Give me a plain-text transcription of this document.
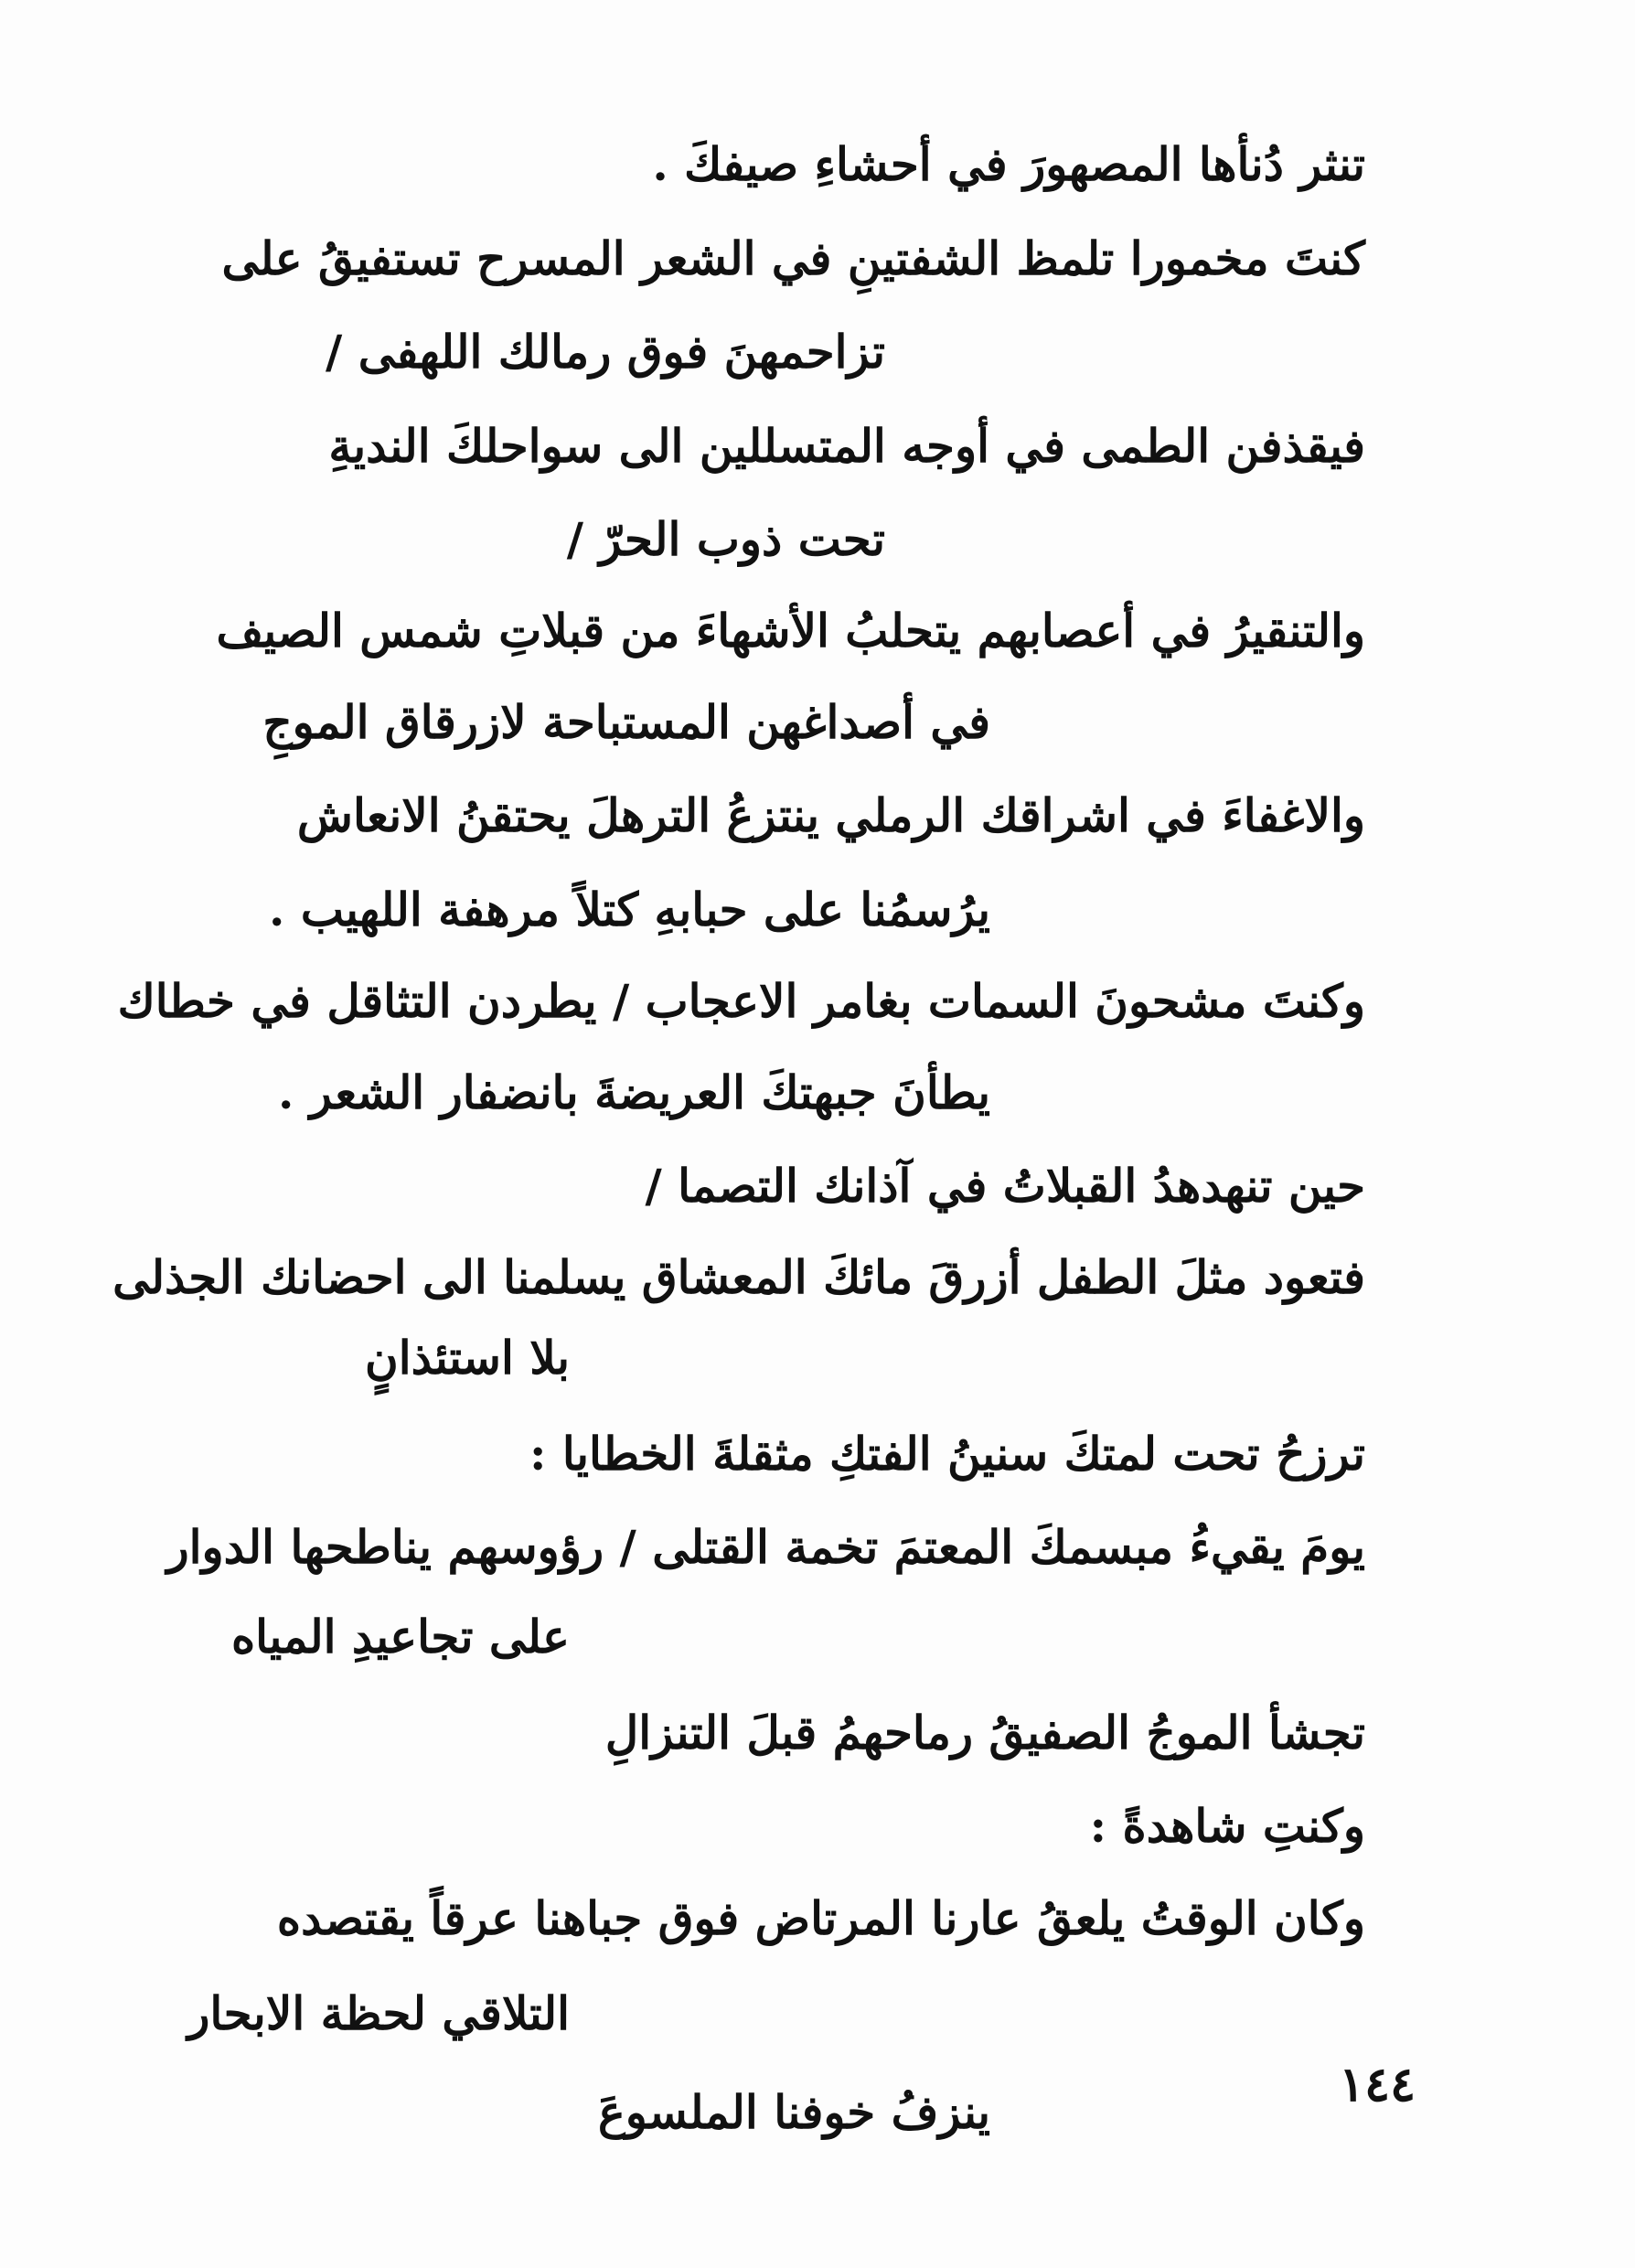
تنثر دُنأها المصهورَ في أحشاءِ صيفكَ .
كنتَ مخمورا تلمظ الشفتينِ في الشعر المسرح تستفيقُ على
تزاحمهنَ فوق رمالك اللهفى /
فيقذفن الطمى في أوجه المتسللين الى سواحلكَ النديةِ
تحت ذوب الحرّ /
والتنقيرُ في أعصابهم يتحلبُ الأشهاءَ من قبلاتِ شمس الصيف
في أصداغهن المستباحة لازرقاق الموجِ
والاغفاءَ في اشراقك الرملي ينتزعُ الترهلَ يحتقنُ الانعاش
يرُسمُنا على حبابهِ كتلاً مرهفة اللهيب .
وكنتَ مشحونَ السمات بغامر الاعجاب / يطردن التثاقل في خطاك
يطأنَ جبهتكَ العريضةَ بانضفار الشعر .
حين تنهدهدُ القبلاتُ في آذانك التصما /
فتعود مثلَ الطفل أزرقَ مائكَ المعشاق يسلمنا الى احضانك الجذلى
بلا استئذانٍ
ترزحُ تحت لمتكَ سنينُ الفتكِ مثقلةَ الخطايا :
يومَ يقيءُ مبسمكَ المعتمَ تخمة القتلى / رؤوسهم يناطحها الدوار
على تجاعيدِ المياه
تجشأ الموجُ الصفيقُ رماحهمُ قبلَ التنزالِ
وكنتِ شاهدةً :
وكان الوقتُ يلعقُ عارنا المرتاض فوق جباهنا عرقاً يقتصده
التلاقي لحظة الابحار
ينزفُ خوفنا الملسوعَ	١٤٤
